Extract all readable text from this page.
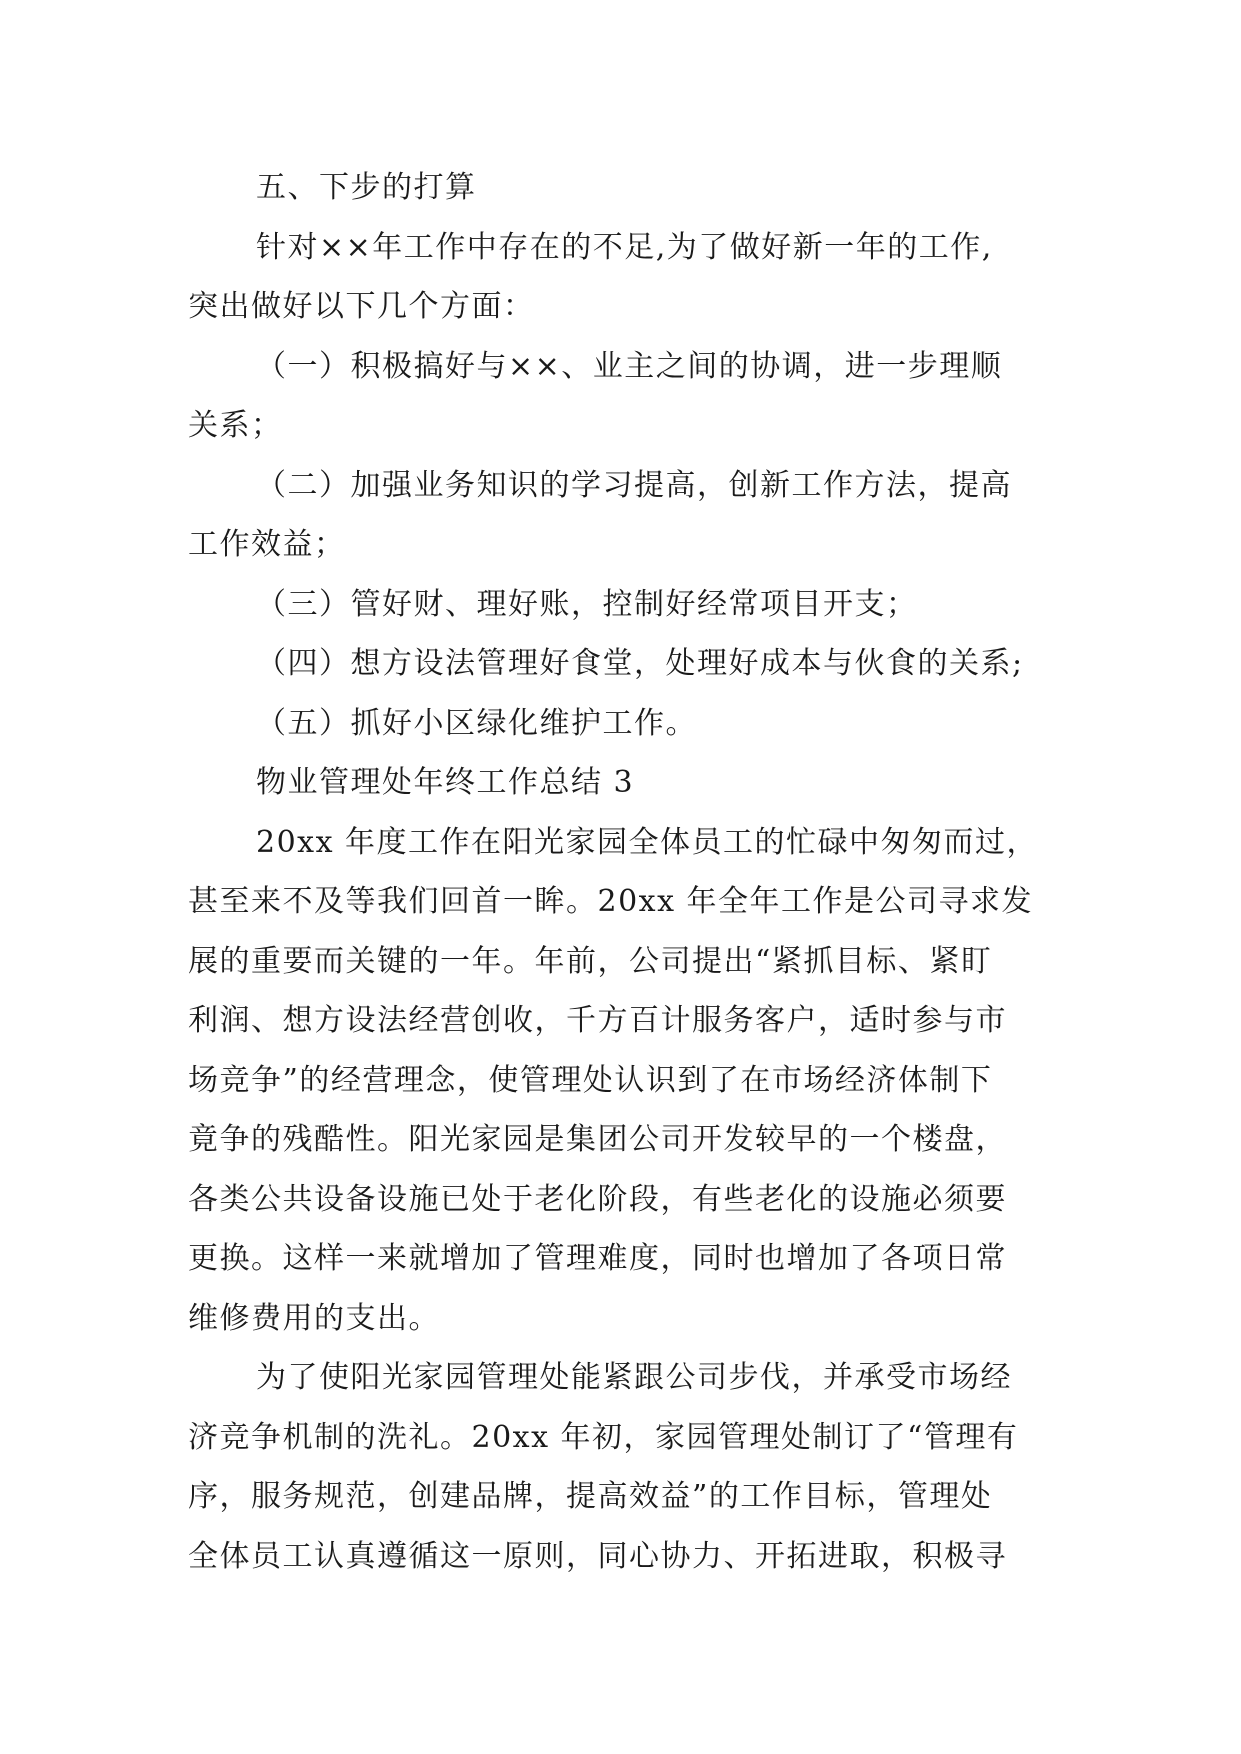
五、下步的打算
针对××年工作中存在的不足,为了做好新一年的工作,
突出做好以下几个方面：
（一）积极搞好与××、业主之间的协调，进一步理顺
关系；
（二）加强业务知识的学习提高，创新工作方法，提高
工作效益；
（三）管好财、理好账，控制好经常项目开支；
（四）想方设法管理好食堂，处理好成本与伙食的关系;
（五）抓好小区绿化维护工作。
物业管理处年终工作总结 3
20xx 年度工作在阳光家园全体员工的忙碌中匆匆而过，
甚至来不及等我们回首一眸。20xx 年全年工作是公司寻求发
展的重要而关键的一年。年前，公司提出“紧抓目标、紧盯
利润、想方设法经营创收，千方百计服务客户，适时参与市
场竞争”的经营理念，使管理处认识到了在市场经济体制下
竟争的残酷性。阳光家园是集团公司开发较早的一个楼盘，
各类公共设备设施已处于老化阶段，有些老化的设施必须要
更换。这样一来就增加了管理难度，同时也增加了各项日常
维修费用的支出。
为了使阳光家园管理处能紧跟公司步伐，并承受市场经
济竞争机制的洗礼。20xx 年初，家园管理处制订了“管理有
序，服务规范，创建品牌，提高效益”的工作目标，管理处
全体员工认真遵循这一原则，同心协力、开拓进取，积极寻
